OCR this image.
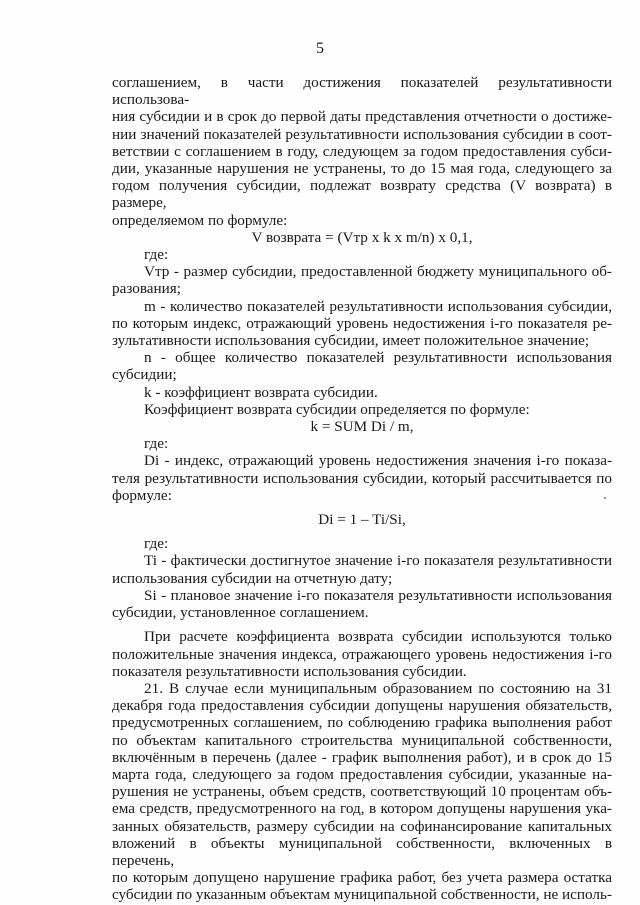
5

соглашением, в части достижения показателей результативности использова-

ния субсидии и в срок до первой даты представления отчетности о достиже-

нии значений показателей результативности использования субсидии в соот-

ветствии с соглашением в году, следующем за годом предоставления субси-

дии, указанные нарушения не устранены, то до 15 мая года, следующего за

годом получения субсидии, подлежат возврату средства (V возврата) в размере,

определяемом по формуле:

V возврата = (Vтр x k x m/n) x 0,1,

где:

Vтр - размер субсидии, предоставленной бюджету муниципального об-

разования;

m - количество показателей результативности использования субсидии,

по которым индекс, отражающий уровень недостижения i-го показателя ре-

зультативности использования субсидии, имеет положительное значение;

n - общее количество показателей результативности использования

субсидии;

k - коэффициент возврата субсидии.

Коэффициент возврата субсидии определяется по формуле:

k = SUM Di / m,

где:

Di - индекс, отражающий уровень недостижения значения i-го показа-

теля результативности использования субсидии, который рассчитывается по

формуле:

Di = 1 – Ti/Si,

где:

Ti - фактически достигнутое значение i-го показателя результативности

использования субсидии на отчетную дату;

Si - плановое значение i-го показателя результативности использования

субсидии, установленное соглашением.

При расчете коэффициента возврата субсидии используются только

положительные значения индекса, отражающего уровень недостижения i-го

показателя результативности использования субсидии.

21. В случае если муниципальным образованием по состоянию на 31

декабря года предоставления субсидии допущены нарушения обязательств,

предусмотренных соглашением, по соблюдению графика выполнения работ

по объектам капитального строительства муниципальной собственности,

включённым в перечень (далее - график выполнения работ), и в срок до 15

марта года, следующего за годом предоставления субсидии, указанные на-

рушения не устранены, объем средств, соответствующий 10 процентам объ-

ема средств, предусмотренного на год, в котором допущены нарушения ука-

занных обязательств, размеру субсидии на софинансирование капитальных

вложений в объекты муниципальной собственности, включенных в перечень,

по которым допущено нарушение графика работ, без учета размера остатка

субсидии по указанным объектам муниципальной собственности, не исполь-
